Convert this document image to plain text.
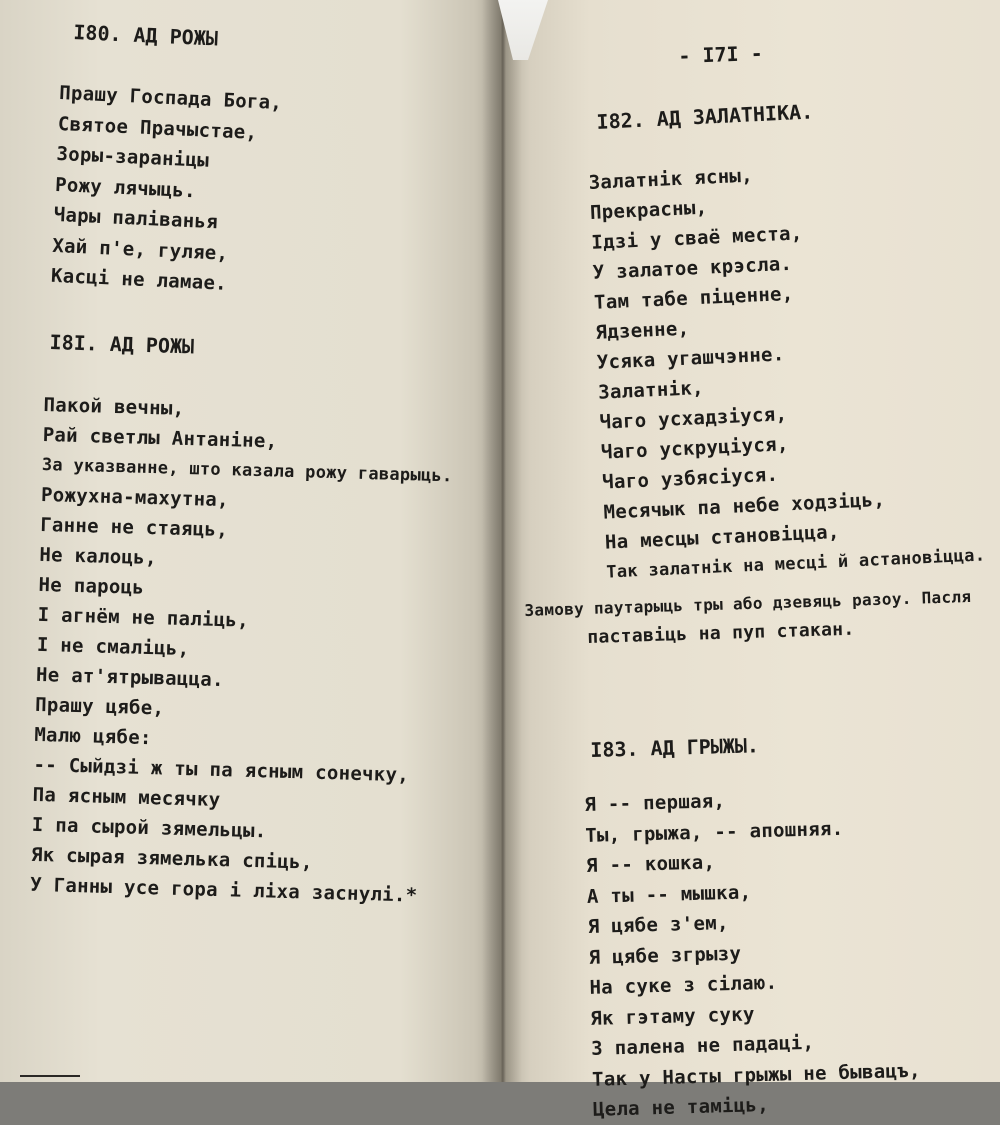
I80. АД РОЖЫ
Прашу Госпада Бога,
Святое Прачыстае,
Зоры-заранiцы
Рожу лячыць.
Чары палiванья
Хай п'е, гуляе,
Касцi не ламае.
I8I. АД РОЖЫ
Пакой вечны,
Рай светлы Антанiне,
За указванне, што казала рожу гаварыць.
Рожухна-махутна,
Ганне не стаяць,
Не калоць,
Не пароць
I агнём не палiць,
I не смалiць,
Не ат'ятрывацца.
Прашу цябе,
Малю цябе:
-- Сыйдзi ж ты па ясным сонечку,
Па ясным месячку
I па сырой зямельцы.
Як сырая зямелька спiць,
У Ганны усе гора i лiха заснулi.*
- I7I -
I82. АД ЗАЛАТНIКА.
Залатнiк ясны,
Прекрасны,
Iдзi у сваё места,
У залатое крэсла.
Там табе пiценне,
Ядзенне,
Усяка угашчэнне.
Залатнiк,
Чаго усхадзiуся,
Чаго ускруцiуся,
Чаго узбясiуся.
Месячык па небе ходзiць,
На месцы становiцца,
Так залатнiк на месцi й астановiцца.
Замову паутарыць тры або дзевяць разоу. Пасля
паставiць на пуп стакан.
I83. АД ГРЫЖЫ.
Я -- першая,
Ты, грыжа, -- апошняя.
Я -- кошка,
А ты -- мышка,
Я цябе з'ем,
Я цябе згрызу
На суке з сiлаю.
Як гэтаму суку
З палена не падацi,
Так у Насты грыжы не бывацъ,
Цела не тамiць,
